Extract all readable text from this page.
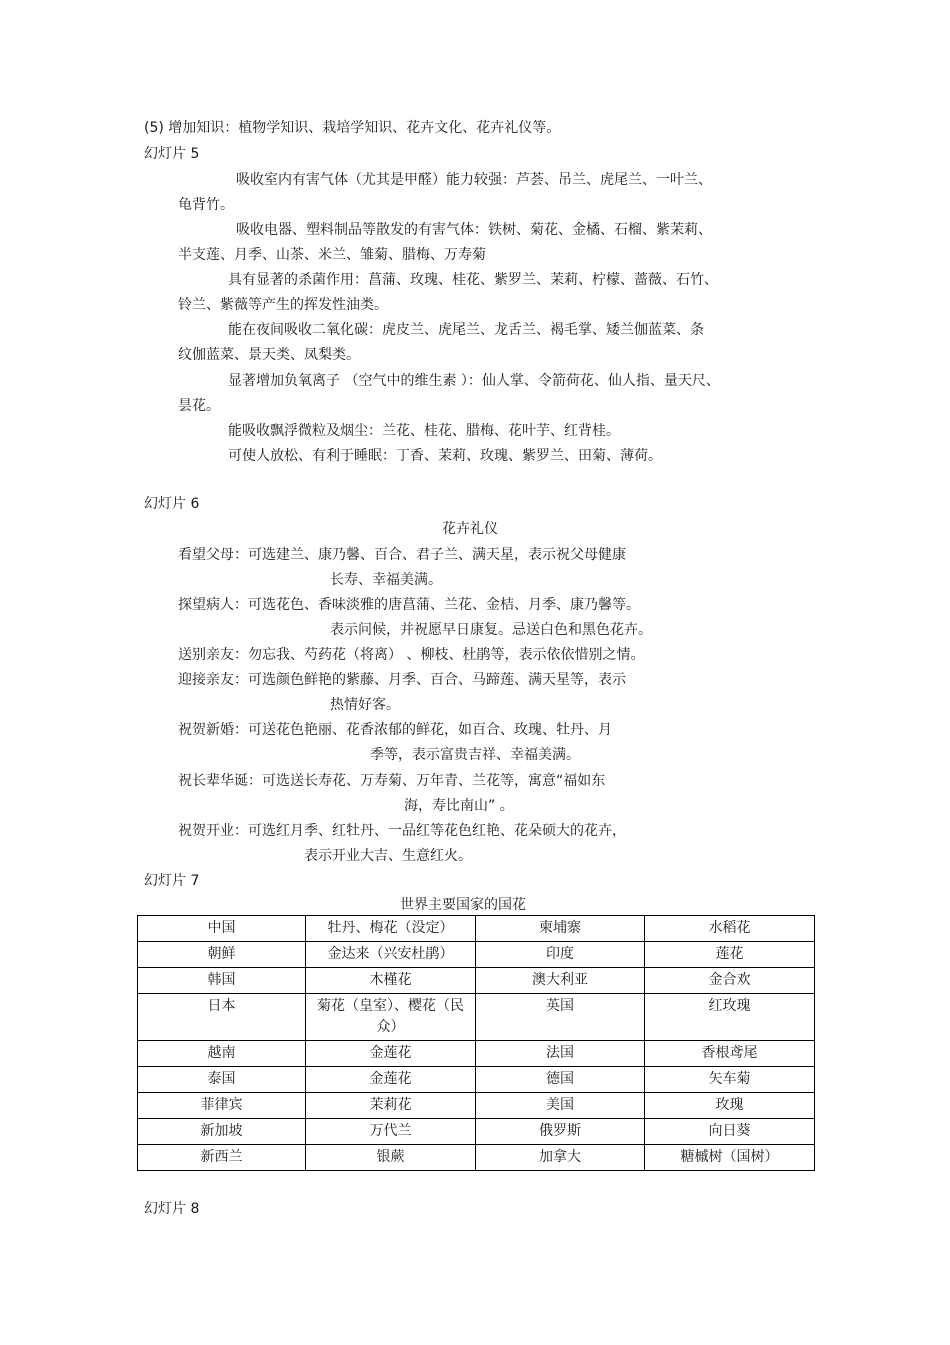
(5) 增加知识：植物学知识、栽培学知识、花卉文化、花卉礼仪等。
幻灯片 5
吸收室内有害气体（尤其是甲醛）能力较强：芦荟、吊兰、虎尾兰、一叶兰、
龟背竹。
吸收电器、塑料制品等散发的有害气体：铁树、菊花、金橘、石榴、紫茉莉、
半支莲、月季、山茶、米兰、雏菊、腊梅、万寿菊
具有显著的杀菌作用：菖蒲、玫瑰、桂花、紫罗兰、茉莉、柠檬、蔷薇、石竹、
铃兰、紫薇等产生的挥发性油类。
能在夜间吸收二氧化碳：虎皮兰、虎尾兰、龙舌兰、褐毛掌、矮兰伽蓝菜、条
纹伽蓝菜、景天类、凤梨类。
显著增加负氧离子 （空气中的维生素 ）：仙人掌、令箭荷花、仙人指、量天尺、
昙花。
能吸收飘浮微粒及烟尘：兰花、桂花、腊梅、花叶芋、红背桂。
可使人放松、有利于睡眠：丁香、茉莉、玫瑰、紫罗兰、田菊、薄荷。
幻灯片 6
花卉礼仪
看望父母：可选建兰、康乃馨、百合、君子兰、满天星，表示祝父母健康
长寿、幸福美满。
探望病人：可选花色、香味淡雅的唐菖蒲、兰花、金桔、月季、康乃馨等。
表示问候，并祝愿早日康复。忌送白色和黑色花卉。
送别亲友：勿忘我、芍药花（将离） 、柳枝、杜鹃等，表示依依惜别之情。
迎接亲友：可选颜色鲜艳的紫藤、月季、百合、马蹄莲、满天星等，表示
热情好客。
祝贺新婚：可送花色艳丽、花香浓郁的鲜花，如百合、玫瑰、牡丹、月
季等，表示富贵吉祥、幸福美满。
祝长辈华诞：可选送长寿花、万寿菊、万年青、兰花等，寓意“福如东
海，寿比南山” 。
祝贺开业：可选红月季、红牡丹、一品红等花色红艳、花朵硕大的花卉，
表示开业大吉、生意红火。
幻灯片 7
世界主要国家的国花
中国	牡丹、梅花（没定）	柬埔寨	水稻花
朝鲜	金达来（兴安杜鹃）	印度	莲花
韩国	木槿花	澳大利亚	金合欢
日本	菊花（皇室）、樱花（民众）	英国	红玫瑰
越南	金莲花	法国	香根鸢尾
泰国	金莲花	德国	矢车菊
菲律宾	茉莉花	美国	玫瑰
新加坡	万代兰	俄罗斯	向日葵
新西兰	银蕨	加拿大	糖槭树（国树）
幻灯片 8
